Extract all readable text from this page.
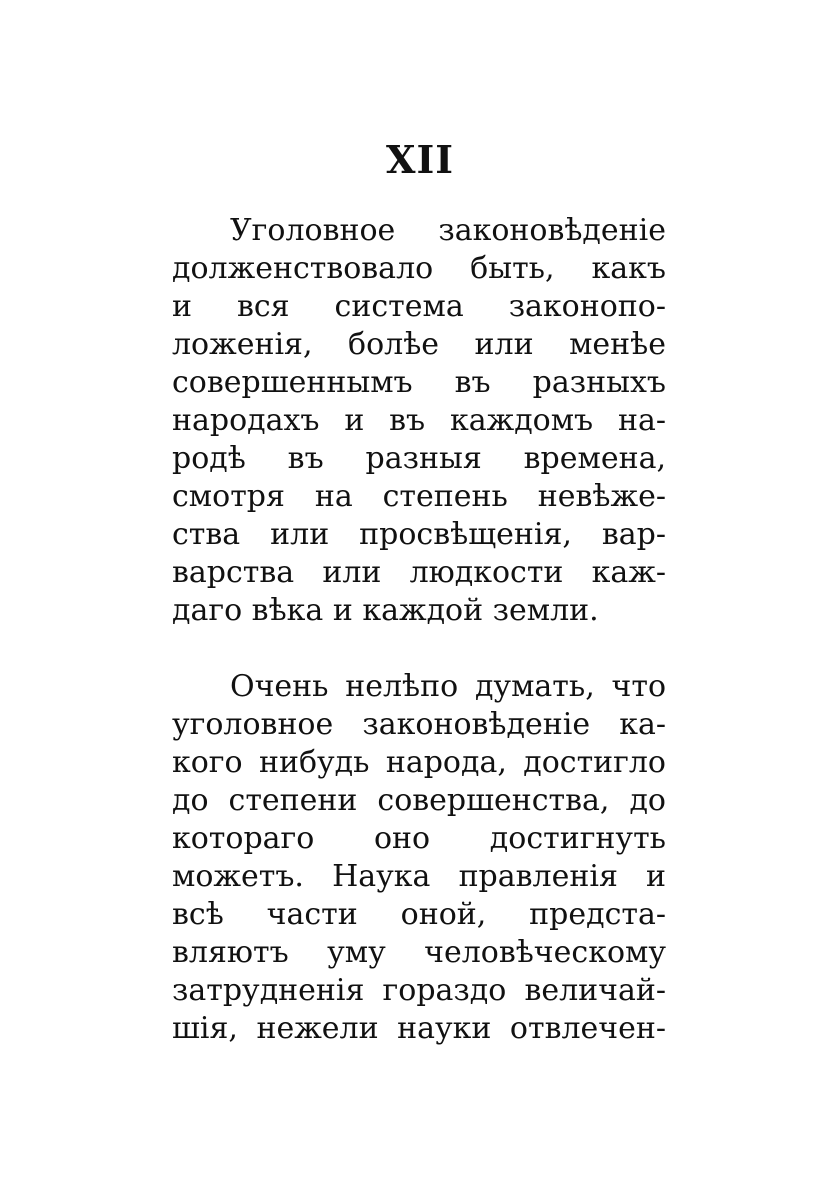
XII
Уголовное законовѣденіе
долженствовало быть, какъ
и вся система законопо-
ложенія, болѣе или менѣе
совершеннымъ въ разныхъ
народахъ и въ каждомъ на-
родѣ въ разныя времена,
смотря на степень невѣже-
ства или просвѣщенія, вар-
варства или людкости каж-
даго вѣка и каждой земли.
Очень нелѣпо думать, что
уголовное законовѣденіе ка-
кого нибудь народа, достигло
до степени совершенства, до
котораго оно достигнуть
можетъ. Наука правленія и
всѣ части оной, предста-
вляютъ уму человѣческому
затрудненія гораздо величай-
шія, нежели науки отвлечен-
